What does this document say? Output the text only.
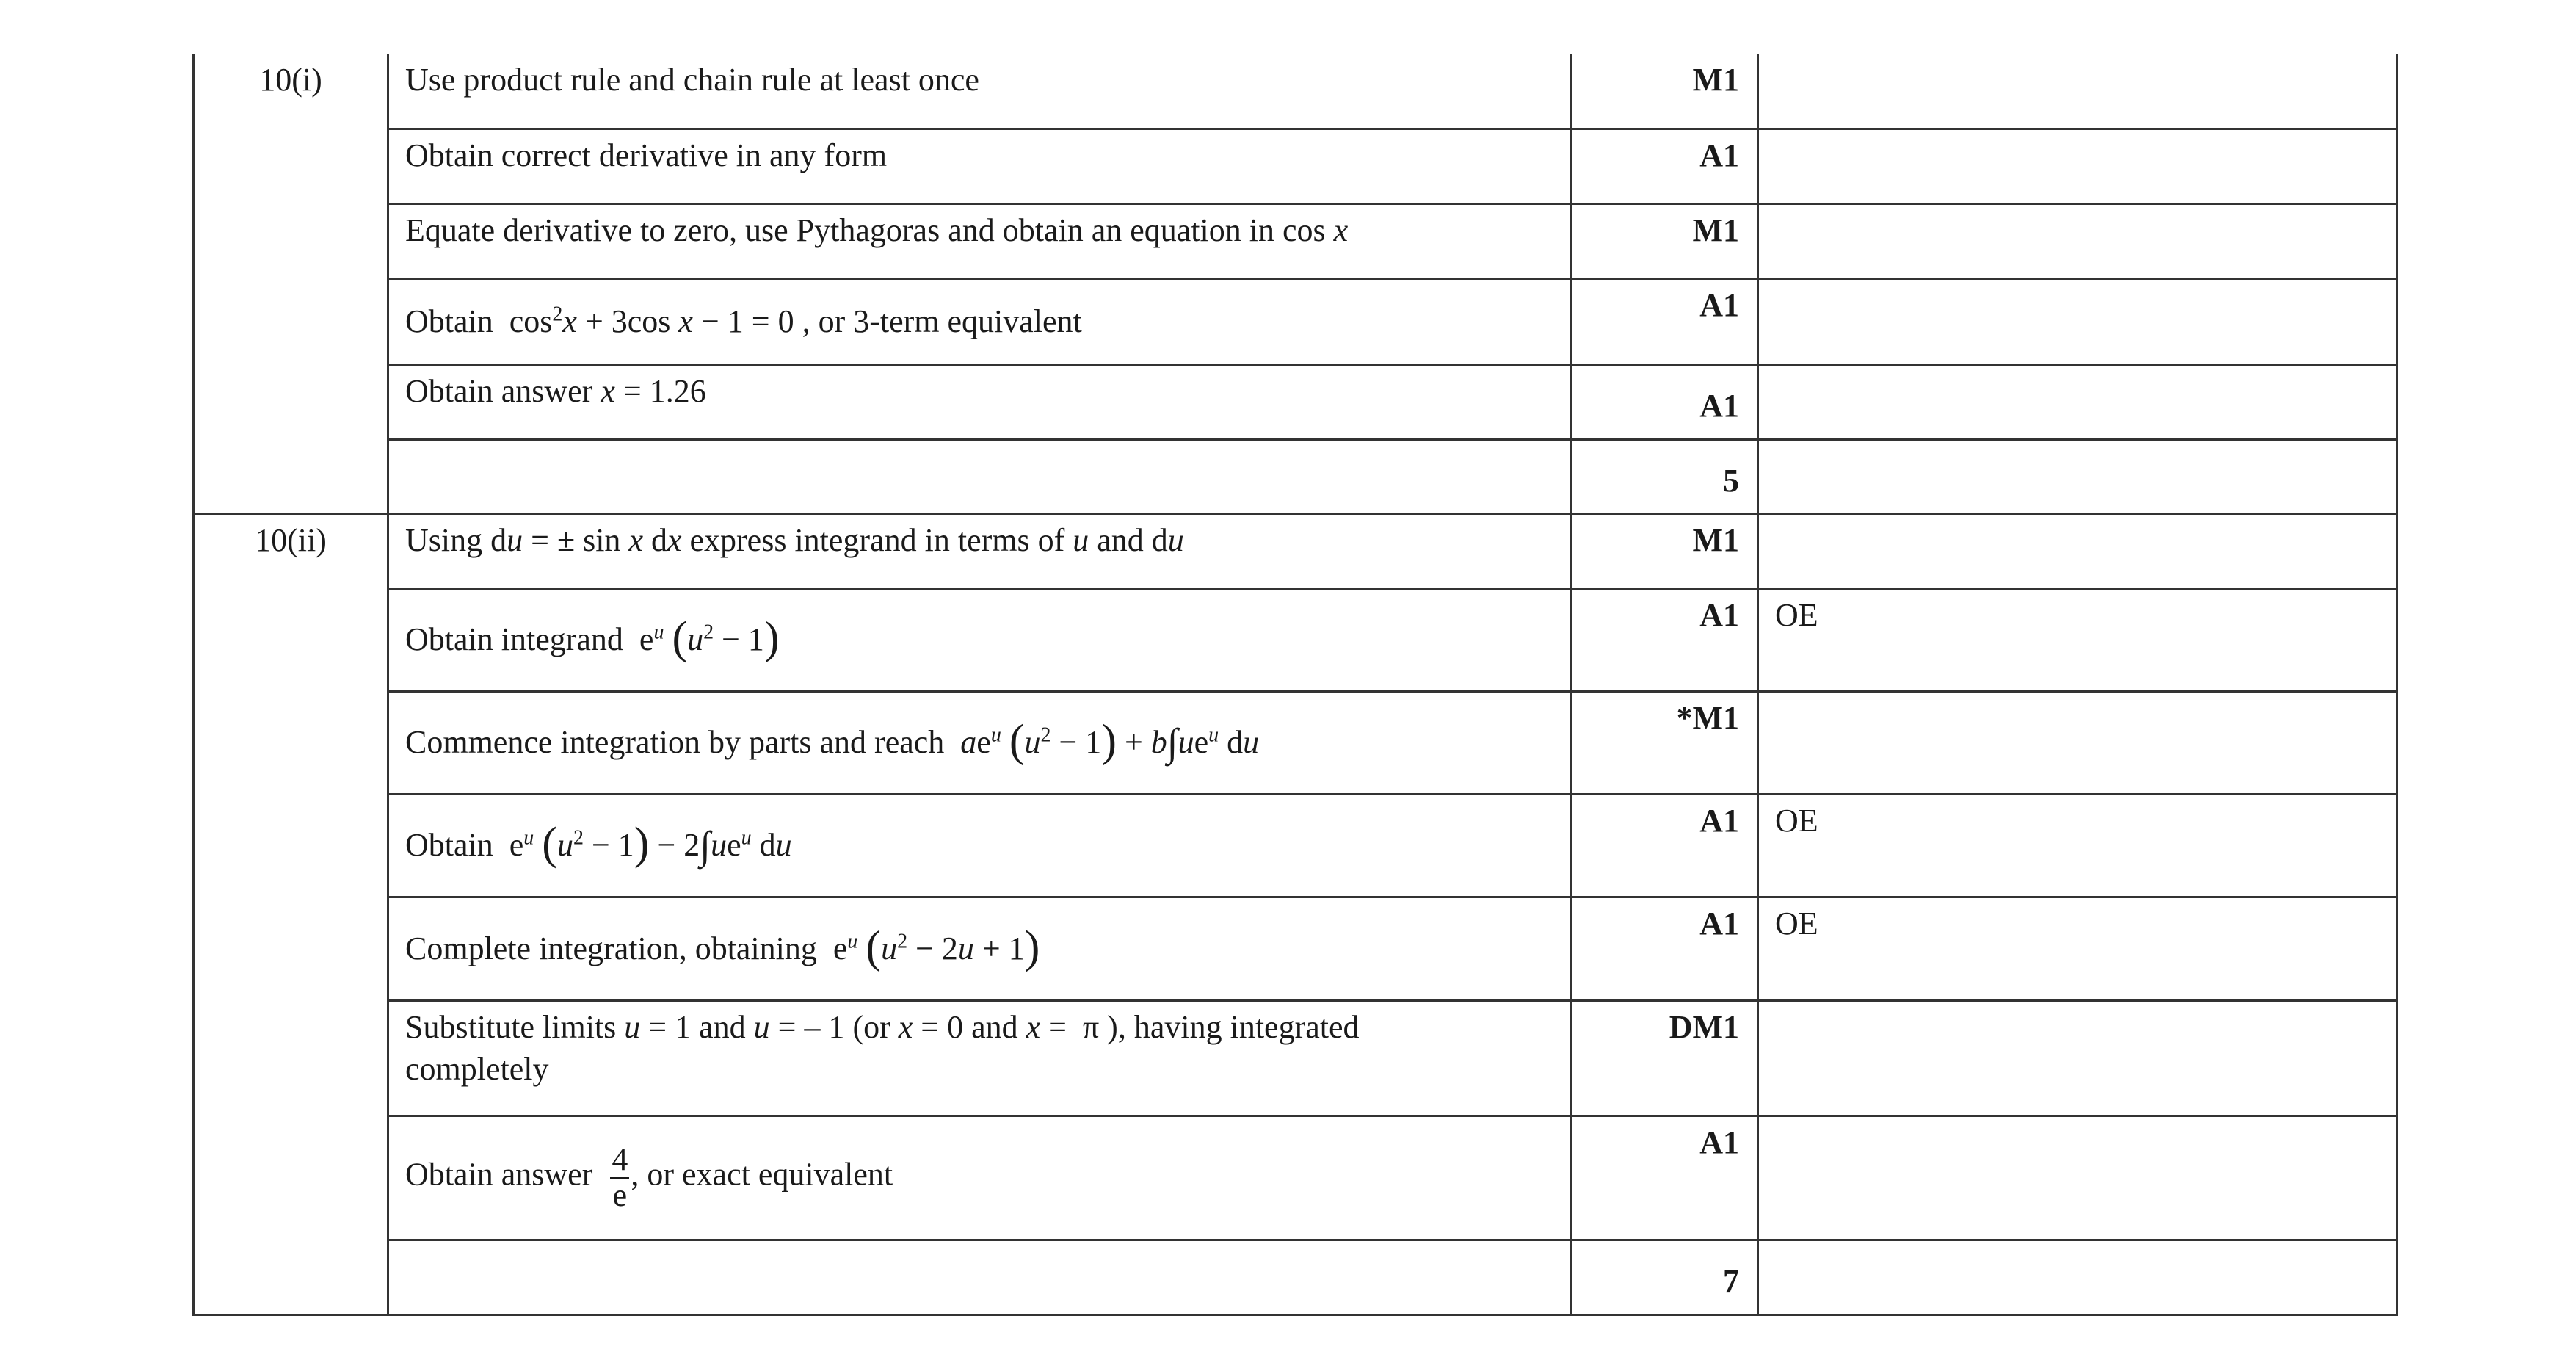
10(i)	Use product rule and chain rule at least once	M1	

	Obtain correct derivative in any form	A1	

	Equate derivative to zero, use Pythagoras and obtain an equation in cos x	M1	

	Obtain  $\cos^2x + 3\cos$ x − 1 = 0 , or 3-term equivalent	A1	

	Obtain answer x = 1.26	A1	
		5	
10(ii)	Using du = ± sin x dx express integrand in terms of u and du	M1	

	Obtain integrand  $e^u$ $(u^2 - 1)$	A1	OE

	Commence integration by parts and reach  $ae^u$ $(u^2 - 1) + b\int ue^u$ du	*M1	

	Obtain  $e^u$ $(u^2 - 1) - 2\int ue^u$ du	A1	OE

	Complete integration, obtaining  $e^u$ $(u^2 - 2u + 1)$	A1	OE

	Substitute limits u = 1 and u = – 1 (or x = 0 and x =  π ), having integrated
completely	DM1	

	Obtain answer $\frac{4}{e}$ , or exact equivalent	A1	
		7	
